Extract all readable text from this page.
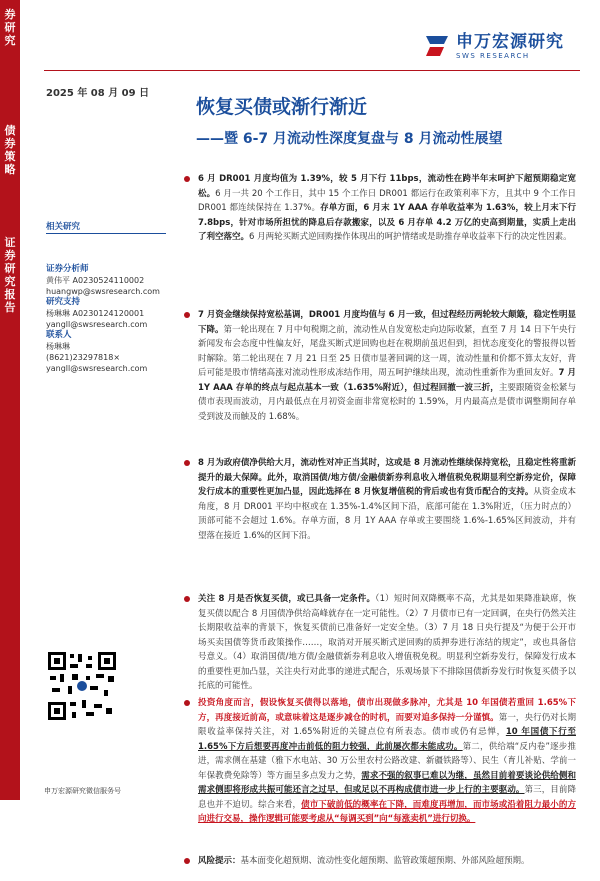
券研究
债券策略
证券研究报告
申万宏源研究
SWS RESEARCH
2025 年 08 月 09 日
恢复买债或渐行渐近
——暨 6-7 月流动性深度复盘与 8 月流动性展望
相关研究
证券分析师
黄伟平 A0230524110002
huangwp@swsresearch.com
研究支持
杨琳琳 A0230124120001
yangll@swsresearch.com
联系人
杨琳琳
(8621)23297818×
yangll@swsresearch.com
申万宏源研究微信服务号
6 月 DR001 月度均值为 1.39%，较 5 月下行 11bps，流动性在跨半年末呵护下超预期稳定宽松。6 月一共 20 个工作日，其中 15 个工作日 DR001 都运行在政策利率下方，且其中 9 个工作日 DR001 都连续保持在 1.37%。存单方面，6 月末 1Y AAA 存单收益率为 1.63%，较上月末下行 7.8bps，针对市场所担忧的降息后存款搬家，以及 6 月存单 4.2 万亿的史高到期量，实质上走出了利空落空。6 月两轮买断式逆回购操作体现出的呵护情绪或是助推存单收益率下行的决定性因素。
7 月资金继续保持宽松基调，DR001 月度均值与 6 月一致，但过程经历两轮较大颠簸，稳定性明显下降。第一轮出现在 7 月中旬税期之前，流动性从自发宽松走向边际收紧，直至 7 月 14 日下午央行新闻发布会态度中性偏友好，尾盘买断式逆回购也赶在税期前虽迟但到，担忧态度变化的警报得以暂时解除。第二轮出现在 7 月 21 日至 25 日债市显著回调的这一周，流动性量和价都不算太友好，背后可能是股市情绪高涨对流动性形成冻结作用，周五呵护继续出现，流动性重新作为重回友好。7 月 1Y AAA 存单的终点与起点基本一致（1.635%附近），但过程回撤一波三折，主要跟随资金松紧与债市表现而波动，月内最低点在月初资金面非常宽松时的 1.59%，月内最高点是债市调整期间存单受到波及而触及的 1.68%。
8 月为政府债净供给大月，流动性对冲正当其时，这或是 8 月流动性继续保持宽松，且稳定性将重新提升的最大保障。此外，取消国债/地方债/金融债新券利息收入增值税免税期显利空新券定价，保障发行成本的重要性更加凸显，因此选择在 8 月恢复增值税的背后或也有货币配合的支持。从资金成本角度，8 月 DR001 平均中枢或在 1.35%-1.4%区间下沿，底部可能在 1.3%附近，（压力时点的）顶部可能不会超过 1.6%。存单方面，8 月 1Y AAA 存单或主要围绕 1.6%-1.65%区间波动，并有望落在接近 1.6%的区间下沿。
关注 8 月是否恢复买债，或已具备一定条件。（1）短时间双降概率不高，尤其是如果降准缺席，恢复买债以配合 8 月国债净供给高峰就存在一定可能性。（2）7 月债市已有一定回调，在央行仍然关注长期限收益率的背景下，恢复买债前已准备好一定安全垫。（3）7 月 18 日央行提及“为便于公开市场买卖国债等货币政策操作……，取消对开展买断式逆回购的质押券进行冻结的规定”，或也具备信号意义。（4）取消国债/地方债/金融债新券利息收入增值税免税。明显利空新券发行，保障发行成本的重要性更加凸显，关注央行对此事的递进式配合，乐观场景下不排除国债新券发行时恢复买债予以托底的可能性。
投资角度而言，假设恢复买债得以落地，债市出现做多脉冲，尤其是 10 年国债若重回 1.65%下方，再度接近前高，或意味着这是逐步减仓的时机，而要对追多保持一分谨慎。第一，央行仍对长期限收益率保持关注，对 1.65%附近的关键点位有所表态。债市或仍有忌惮，10 年国债下行至 1.65%下方后想要再度冲击前低的阻力较强，此前屡次都未能成功。第二，供给端“反内卷”逐步推进，需求侧在基建（雅下水电站、30 万公里农村公路改建、新疆铁路等）、民生（育儿补贴、学前一年保教费免除等）等方面呈多点发力之势，需求不强的叙事已难以为继，虽然目前着要谈论供给侧和需求侧即将形成共振可能还言之过早，但或足以不再构成债市进一步上行的主要驱动。第三，目前降息也并不迫切。综合来看，债市下破前低的概率在下降，而难度再增加，而市场或沿着阻力最小的方向进行交易，操作逻辑可能要考虑从“每调买到”向“每涨卖机”进行切换。
风险提示：基本面变化超预期、流动性变化超预期、监管政策超预期、外部风险超预期。
